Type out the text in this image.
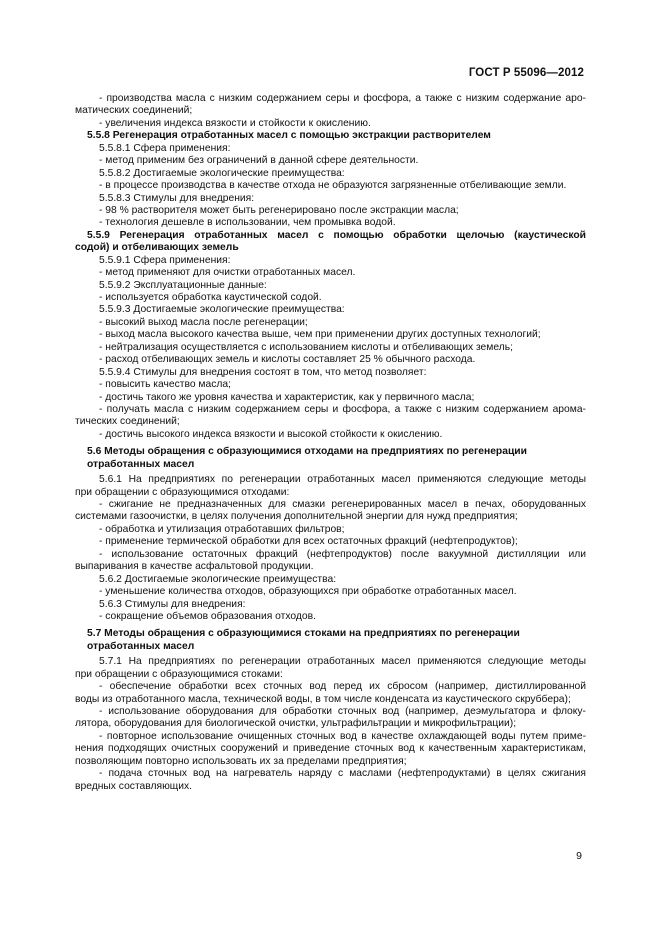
ГОСТ Р 55096—2012
- производства масла с низким содержанием серы и фосфора, а также с низким содержание аро-
матических соединений;
- увеличения индекса вязкости и стойкости к окислению.
5.5.8 Регенерация отработанных масел с помощью экстракции растворителем
5.5.8.1 Сфера применения:
- метод применим без ограничений в данной сфере деятельности.
5.5.8.2 Достигаемые экологические преимущества:
- в процессе производства в качестве отхода не образуются загрязненные отбеливающие земли.
5.5.8.3 Стимулы для внедрения:
- 98 % растворителя может быть регенерировано после экстракции масла;
- технология дешевле в использовании, чем промывка водой.
5.5.9 Регенерация отработанных масел с помощью обработки щелочью (каустической
содой) и отбеливающих земель
5.5.9.1 Сфера применения:
- метод применяют для очистки отработанных масел.
5.5.9.2 Эксплуатационные данные:
- используется обработка каустической содой.
5.5.9.3 Достигаемые экологические преимущества:
- высокий выход масла после регенерации;
- выход масла высокого качества выше, чем при применении других доступных технологий;
- нейтрализация осуществляется с использованием кислоты и отбеливающих земель;
- расход отбеливающих земель и кислоты составляет 25 % обычного расхода.
5.5.9.4 Стимулы для внедрения состоят в том, что метод позволяет:
- повысить качество масла;
- достичь такого же уровня качества и характеристик, как у первичного масла;
- получать масла с низким содержанием серы и фосфора, а также с низким содержанием арома-
тических соединений;
- достичь высокого индекса вязкости и высокой стойкости к окислению.
5.6 Методы обращения с образующимися отходами на предприятиях по регенерации
отработанных масел
5.6.1 На предприятиях по регенерации отработанных масел применяются следующие методы
при обращении с образующимися отходами:
- сжигание не предназначенных для смазки регенерированных масел в печах, оборудованных
системами газоочистки, в целях получения дополнительной энергии для нужд предприятия;
- обработка и утилизация отработавших фильтров;
- применение термической обработки для всех остаточных фракций (нефтепродуктов);
- использование остаточных фракций (нефтепродуктов) после вакуумной дистилляции или
выпаривания в качестве асфальтовой продукции.
5.6.2 Достигаемые экологические преимущества:
- уменьшение количества отходов, образующихся при обработке отработанных масел.
5.6.3 Стимулы для внедрения:
- сокращение объемов образования отходов.
5.7 Методы обращения с образующимися стоками на предприятиях по регенерации
отработанных масел
5.7.1 На предприятиях по регенерации отработанных масел применяются следующие методы
при обращении с образующимися стоками:
- обеспечение обработки всех сточных вод перед их сбросом (например, дистиллированной
воды из отработанного масла, технической воды, в том числе конденсата из каустического скруббера);
- использование оборудования для обработки сточных вод (например, деэмульгатора и флоку-
лятора, оборудования для биологической очистки, ультрафильтрации и микрофильтрации);
- повторное использование очищенных сточных вод в качестве охлаждающей воды путем приме-
нения подходящих очистных сооружений и приведение сточных вод к качественным характеристикам,
позволяющим повторно использовать их за пределами предприятия;
- подача сточных вод на нагреватель наряду с маслами (нефтепродуктами) в целях сжигания
вредных составляющих.
9
